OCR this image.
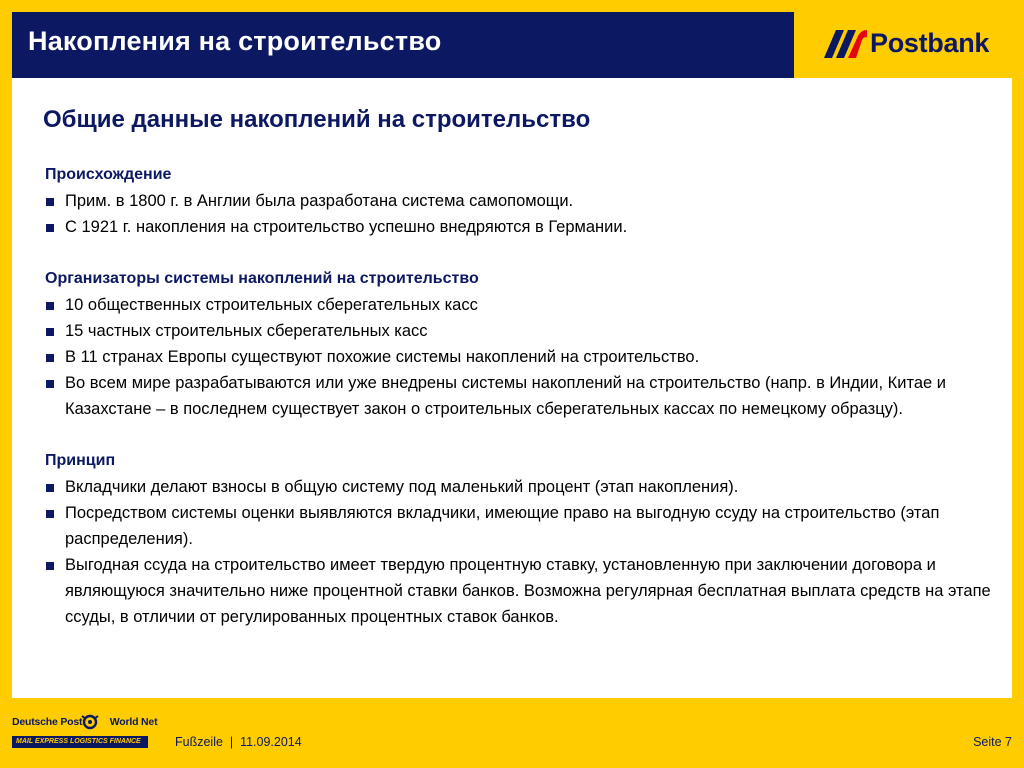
Накопления на строительство	Postbank
Общие данные накоплений на строительство
Происхождение
Прим. в 1800 г. в Англии была разработана система самопомощи.
С 1921 г. накопления на строительство успешно внедряются в Германии.
Организаторы системы накоплений на строительство
10 общественных строительных сберегательных касс
15 частных строительных сберегательных касс
В 11 странах Европы существуют похожие системы накоплений на строительство.
Во всем мире разрабатываются или уже внедрены системы накоплений на строительство (напр. в Индии, Китае и Казахстане – в последнем существует закон о строительных сберегательных кассах по немецкому образцу).
Принцип
Вкладчики делают взносы в общую систему под маленький процент (этап накопления).
Посредством системы оценки выявляются вкладчики, имеющие право на выгодную ссуду на строительство (этап распределения).
Выгодная ссуда на строительство имеет твердую процентную ставку, установленную при заключении договора и являющуюся значительно ниже процентной ставки банков. Возможна регулярная бесплатная выплата средств на этапе ссуды, в отличии от регулированных процентных ставок банков.
Deutsche Post	World Net
MAIL EXPRESS LOGISTICS FINANCE	Fußzeile  |  11.09.2014	Seite 7
